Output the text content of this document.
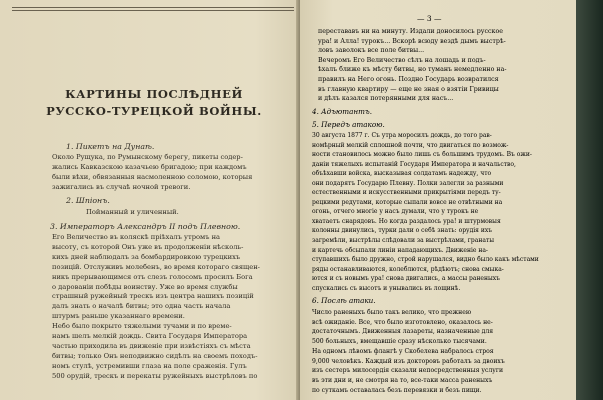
КАРТИНЫ ПОСЛѢДНЕЙ РУССКО-ТУРЕЦКОЙ ВОЙНЫ.
1. Пикетъ на Дунаѣ.
Около Рущука, по Румынскому берегу, пикеты содер-
жались Кавказскою казачьею бригадою; при каждомъ
были вѣхи, обвязанныя насмоленною соломою, которыя
зажигались въ случаѣ ночной тревоги.
2. Шпіонъ.
Пойманный и уличенный.
3. Императоръ Александръ II подъ Плевною.
Его Величество въ коляскѣ пріѣхалъ утромъ на
высоту, съ которой Онъ уже въ продолженіи нѣсколь-
кихъ дней наблюдалъ за бомбардировкою турецкихъ
позицій. Отслуживъ молебенъ, во время котораго священ-
никъ прерывающимся отъ слезъ голосомъ просилъ Бога
о дарованіи побѣды воинству. Уже во время службы
страшный ружейный трескъ изъ центра нашихъ позицій
далъ знать о началѣ битвы; это одна часть начала
штурмъ раньше указаннаго времени.
Небо было покрыто тяжелыми тучами и по времe-
намъ шелъ мелкій дождь. Свита Государя Императора
частью приходила въ движеніе при извѣстіяхъ съ мѣста
битвы; только Онъ неподвижно сидѣлъ на своемъ походъ-
номъ стулѣ, устремивши глаза на поле сраженія. Гулъ
500 орудій, трескъ и перекаты ружейныхъ выстрѣловъ по
— 3 —
перестававъ ни на минуту. Издали доносилось русское
ура! и Алла! турокъ... Вскорѣ всюду вездѣ дымъ выстрѣ-
ловъ заволокъ все поле битвы...
Вечеромъ Его Величество сѣлъ на лошадь и подъ-
ѣхалъ ближе къ мѣсту битвы, но туманъ немедленно на-
правилъ на Него огонь. Поздно Государь возвратился
въ главную квартиру — еще не зная о взятіи Гривицы
и дѣлъ казался потерянными для насъ...
4. Адъютантъ.
5. Передъ атакою.
30 августа 1877 г. Съ утра моросилъ дождь, до того рав-
номѣрный мелкій сплошной почти, что двигаться по возмож-
ности становилось можно было лишь съ большимъ трудомъ. Въ ожи-
даніи тяжелыхъ испытаній Государя Императора и начальство,
объѣхавши войска, высказывая солдатамъ надежду, что
они подарятъ Государю Плевну. Полки залегли за разными
естественными и искусственными прикрытіями передъ ту-
рецкими редутами, которые сыпали вовсе не отвѣтными на
огонь, отчего многіе у насъ думали, что у турокъ не
хватаетъ снарядовъ. Но когда раздалось ура! и штурмовыя
колонны двинулись, турки дали о себѣ знать: орудія ихъ
загремѣли, выстрѣлы слѣдовали за выстрѣлами, гранаты
и картечь обсыпали линіи нападающихъ. Движеніе на-
ступавшихъ было дружно, строй нарушался, видно было какъ мѣстами
ряды останавливаются, колеблются, рѣдѣютъ; снова смыка-
ются и съ новымъ ура! снова двигались, а массы раненыхъ
спускались съ высотъ и унывались въ лощинѣ.
6. Послѣ атаки.
Число раненыхъ было такъ велико, что прежнею
всѣ ожиданіе. Все, что было изготовлено, оказалось не-
достаточнымъ. Движенныя лазареты, назначенные для
500 больныхъ, вмещавшіе сразу нѣсколько тысячами.
На одномъ лѣвомъ флангѣ у Скобелева набралось строя
9,000 человѣкъ. Каждый изъ докторовъ работалъ за двоихъ
изъ сестеръ милосердія сказали непосредственныя услуги
въ эти дни и, не смотря на то, все-таки масса раненыхъ
по суткамъ оставалась безъ перевязки и безъ пищи.
